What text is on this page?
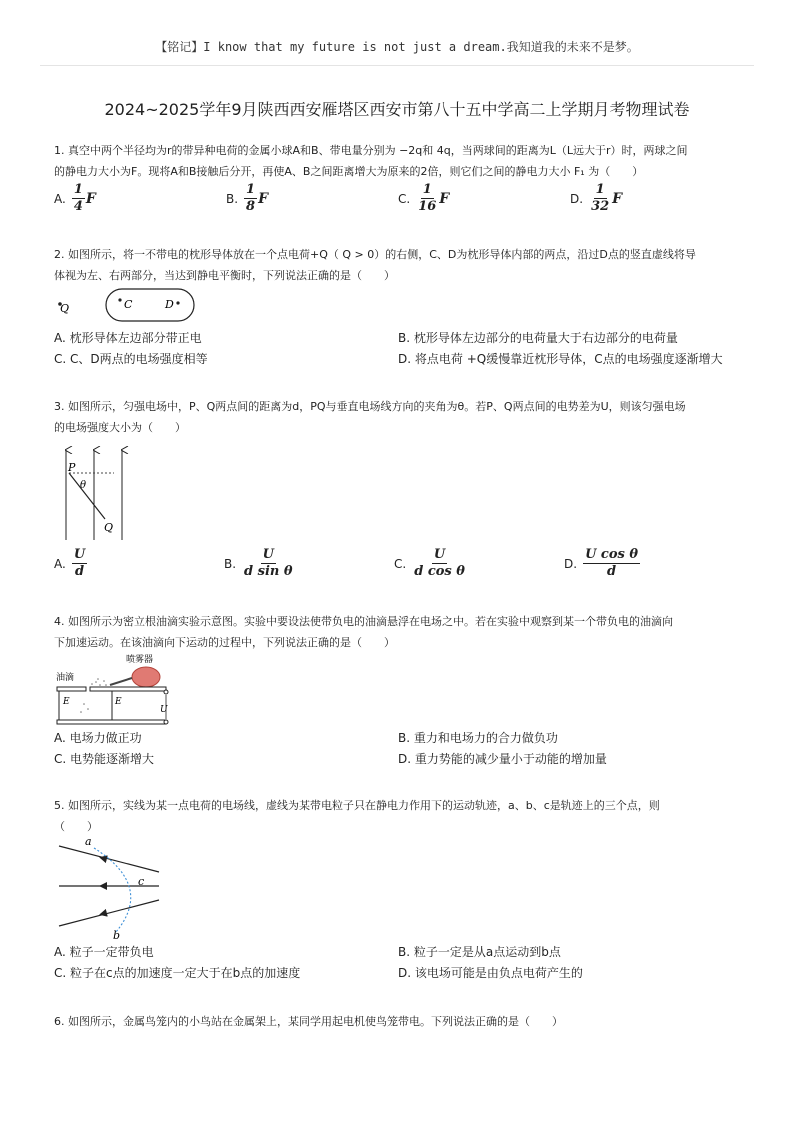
【铭记】I know that my future is not just a dream.我知道我的未来不是梦。
2024~2025学年9月陕西西安雁塔区西安市第八十五中学高二上学期月考物理试卷
1. 真空中两个半径均为r的带异种电荷的金属小球A和B、带电量分别为 −2q和 4q，当两球间的距离为L（L远大于r）时，两球之间
的静电力大小为F。现将A和B接触后分开，再使A、B之间距离增大为原来的2倍，则它们之间的静电力大小 F₁ 为（　　）
A. $\frac{1}{4}$ F	B. $\frac{1}{8}$ F	C. $\frac{1}{16}$ F	D. $\frac{1}{32}$ F
2. 如图所示，将一不带电的枕形导体放在一个点电荷+Q（ Q > 0）的右侧，C、D为枕形导体内部的两点，沿过D点的竖直虚线将导
体视为左、右两部分，当达到静电平衡时，下列说法正确的是（　　）
Q	C	D
A. 枕形导体左边部分带正电	B. 枕形导体左边部分的电荷量大于右边部分的电荷量
C. C、D两点的电场强度相等	D. 将点电荷 +Q缓慢靠近枕形导体，C点的电场强度逐渐增大
3. 如图所示，匀强电场中，P、Q两点间的距离为d，PQ与垂直电场线方向的夹角为θ。若P、Q两点间的电势差为U，则该匀强电场
的电场强度大小为（　　）
P
θ
Q
A. $\frac{U}{d}$	B. $\frac{U}{\text{d sin θ}}$	C. $\frac{U}{\text{d cos θ}}$	D. $\frac{\text{U cos θ}}{d}$
4. 如图所示为密立根油滴实验示意图。实验中要设法使带负电的油滴悬浮在电场之中。若在实验中观察到某一个带负电的油滴向
下加速运动。在该油滴向下运动的过程中，下列说法正确的是（　　）
喷雾器
油滴
E	E
U
A. 电场力做正功	B. 重力和电场力的合力做负功
C. 电势能逐渐增大	D. 重力势能的减少量小于动能的增加量
5. 如图所示，实线为某一点电荷的电场线，虚线为某带电粒子只在静电力作用下的运动轨迹，a、b、c是轨迹上的三个点，则
（　　）
a
c
b
A. 粒子一定带负电	B. 粒子一定是从a点运动到b点
C. 粒子在c点的加速度一定大于在b点的加速度	D. 该电场可能是由负点电荷产生的
6. 如图所示，金属鸟笼内的小鸟站在金属架上，某同学用起电机使鸟笼带电。下列说法正确的是（　　）
